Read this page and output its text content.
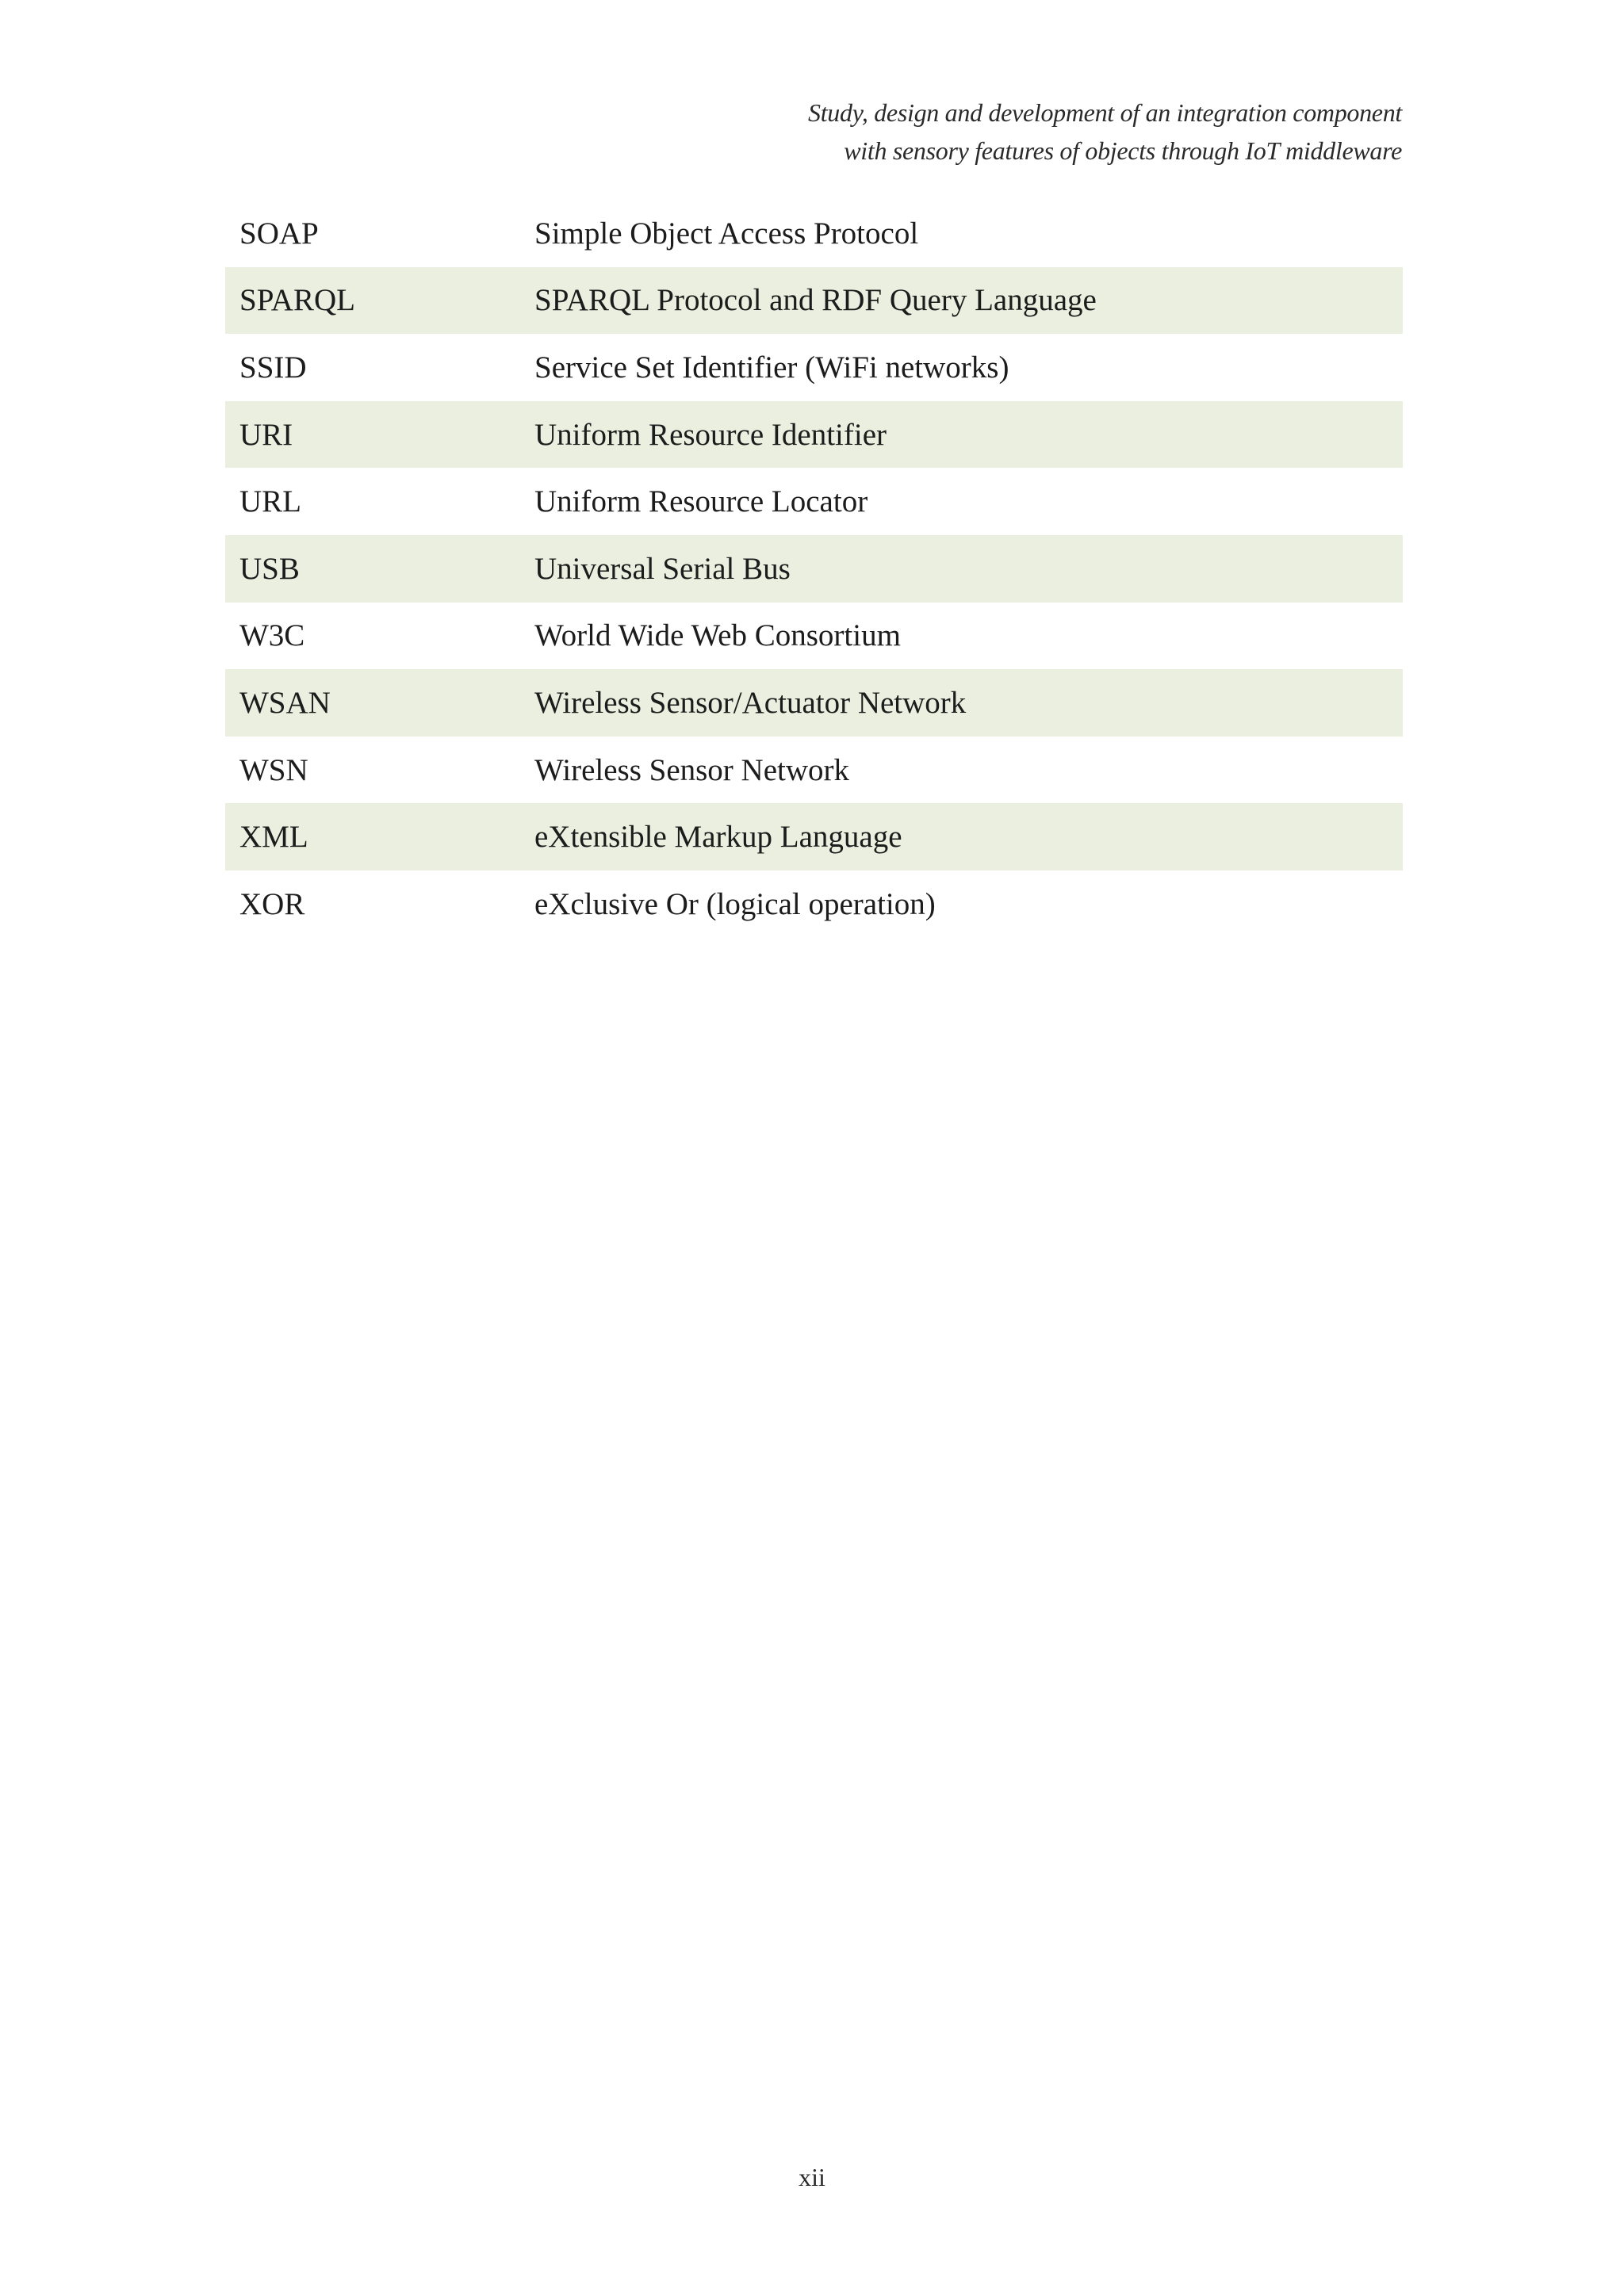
Study, design and development of an integration component
with sensory features of objects through IoT middleware
SOAP	Simple Object Access Protocol
SPARQL	SPARQL Protocol and RDF Query Language
SSID	Service Set Identifier (WiFi networks)
URI	Uniform Resource Identifier
URL	Uniform Resource Locator
USB	Universal Serial Bus
W3C	World Wide Web Consortium
WSAN	Wireless Sensor/Actuator Network
WSN	Wireless Sensor Network
XML	eXtensible Markup Language
XOR	eXclusive Or (logical operation)
xii
